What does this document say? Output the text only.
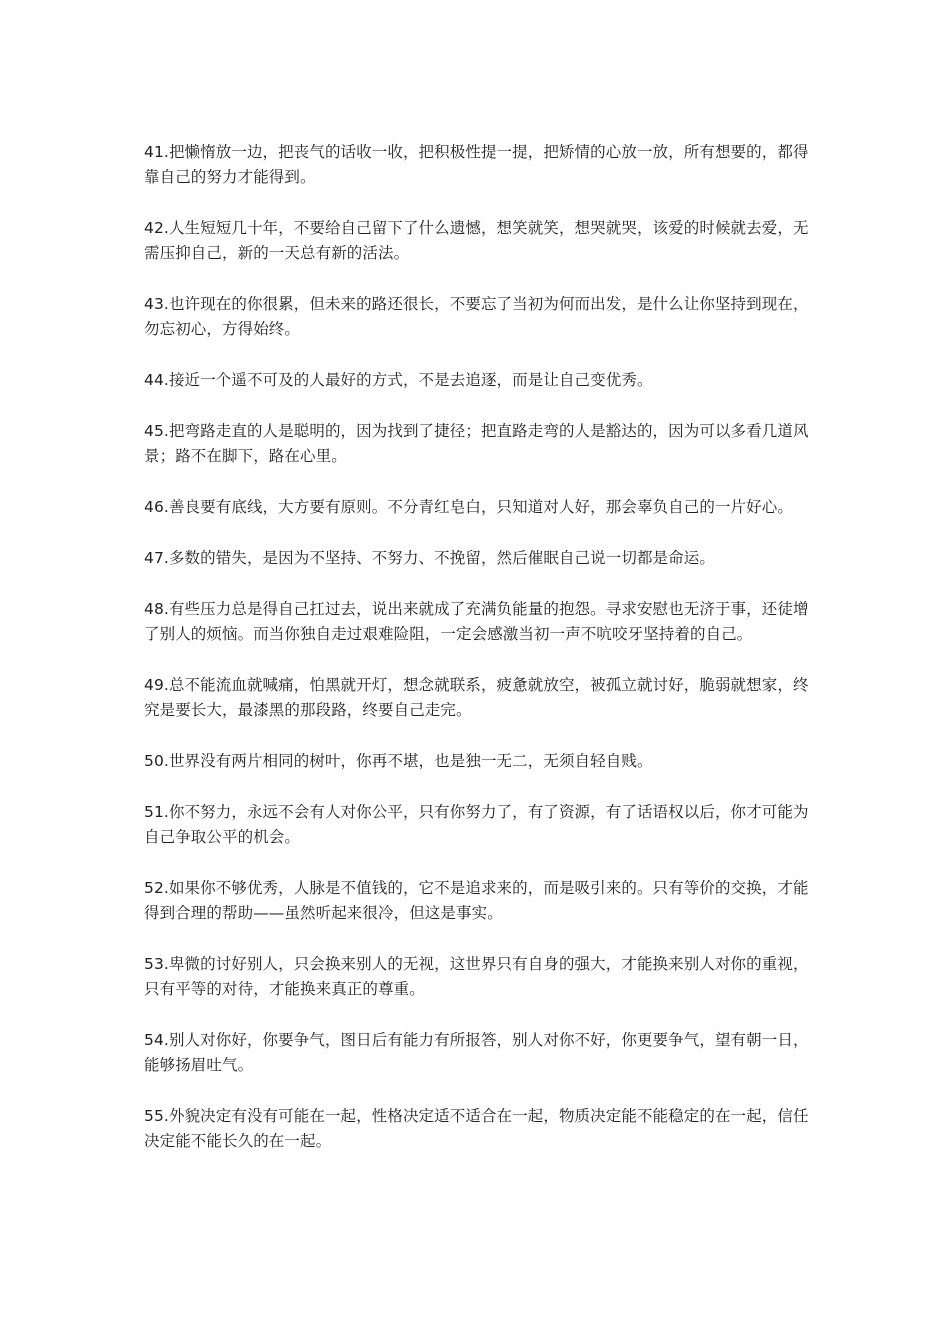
41.把懒惰放一边，把丧气的话收一收，把积极性提一提，把矫情的心放一放，所有想要的，都得靠自己的努力才能得到。

42.人生短短几十年，不要给自己留下了什么遗憾，想笑就笑，想哭就哭，该爱的时候就去爱，无需压抑自己，新的一天总有新的活法。

43.也许现在的你很累，但未来的路还很长，不要忘了当初为何而出发，是什么让你坚持到现在，勿忘初心，方得始终。

44.接近一个遥不可及的人最好的方式，不是去追逐，而是让自己变优秀。

45.把弯路走直的人是聪明的，因为找到了捷径；把直路走弯的人是豁达的，因为可以多看几道风景；路不在脚下，路在心里。

46.善良要有底线，大方要有原则。不分青红皂白，只知道对人好，那会辜负自己的一片好心。

47.多数的错失，是因为不坚持、不努力、不挽留，然后催眠自己说一切都是命运。

48.有些压力总是得自己扛过去，说出来就成了充满负能量的抱怨。寻求安慰也无济于事，还徒增了别人的烦恼。而当你独自走过艰难险阻，一定会感激当初一声不吭咬牙坚持着的自己。

49.总不能流血就喊痛，怕黑就开灯，想念就联系，疲惫就放空，被孤立就讨好，脆弱就想家，终究是要长大，最漆黑的那段路，终要自己走完。

50.世界没有两片相同的树叶，你再不堪，也是独一无二，无须自轻自贱。

51.你不努力，永远不会有人对你公平，只有你努力了，有了资源，有了话语权以后，你才可能为自己争取公平的机会。

52.如果你不够优秀，人脉是不值钱的，它不是追求来的，而是吸引来的。只有等价的交换，才能得到合理的帮助——虽然听起来很冷，但这是事实。

53.卑微的讨好别人，只会换来别人的无视，这世界只有自身的强大，才能换来别人对你的重视，只有平等的对待，才能换来真正的尊重。

54.别人对你好，你要争气，图日后有能力有所报答，别人对你不好，你更要争气，望有朝一日，能够扬眉吐气。

55.外貌决定有没有可能在一起，性格决定适不适合在一起，物质决定能不能稳定的在一起，信任决定能不能长久的在一起。
